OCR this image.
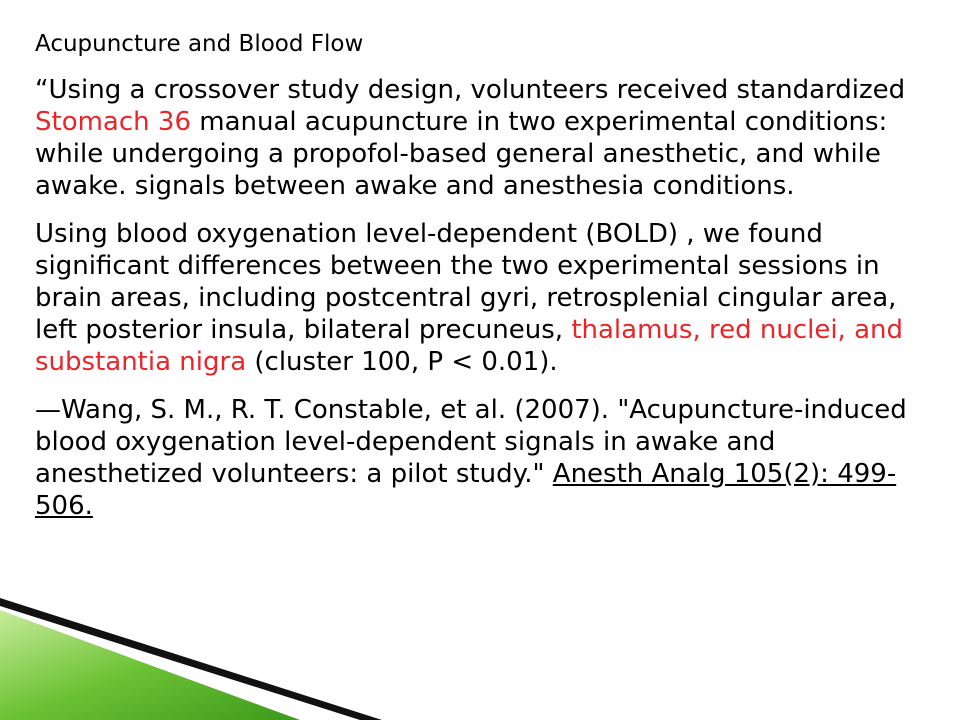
Acupuncture and Blood Flow

“Using a crossover study design, volunteers received standardized Stomach 36 manual acupuncture in two experimental conditions: while undergoing a propofol-based general anesthetic, and while awake. signals between awake and anesthesia conditions.

Using blood oxygenation level-dependent (BOLD) , we found significant differences between the two experimental sessions in brain areas, including postcentral gyri, retrosplenial cingular area, left posterior insula, bilateral precuneus, thalamus, red nuclei, and substantia nigra (cluster 100, P < 0.01).

—Wang, S. M., R. T. Constable, et al. (2007). "Acupuncture-induced blood oxygenation level-dependent signals in awake and anesthetized volunteers: a pilot study." Anesth Analg 105(2): 499-506.
